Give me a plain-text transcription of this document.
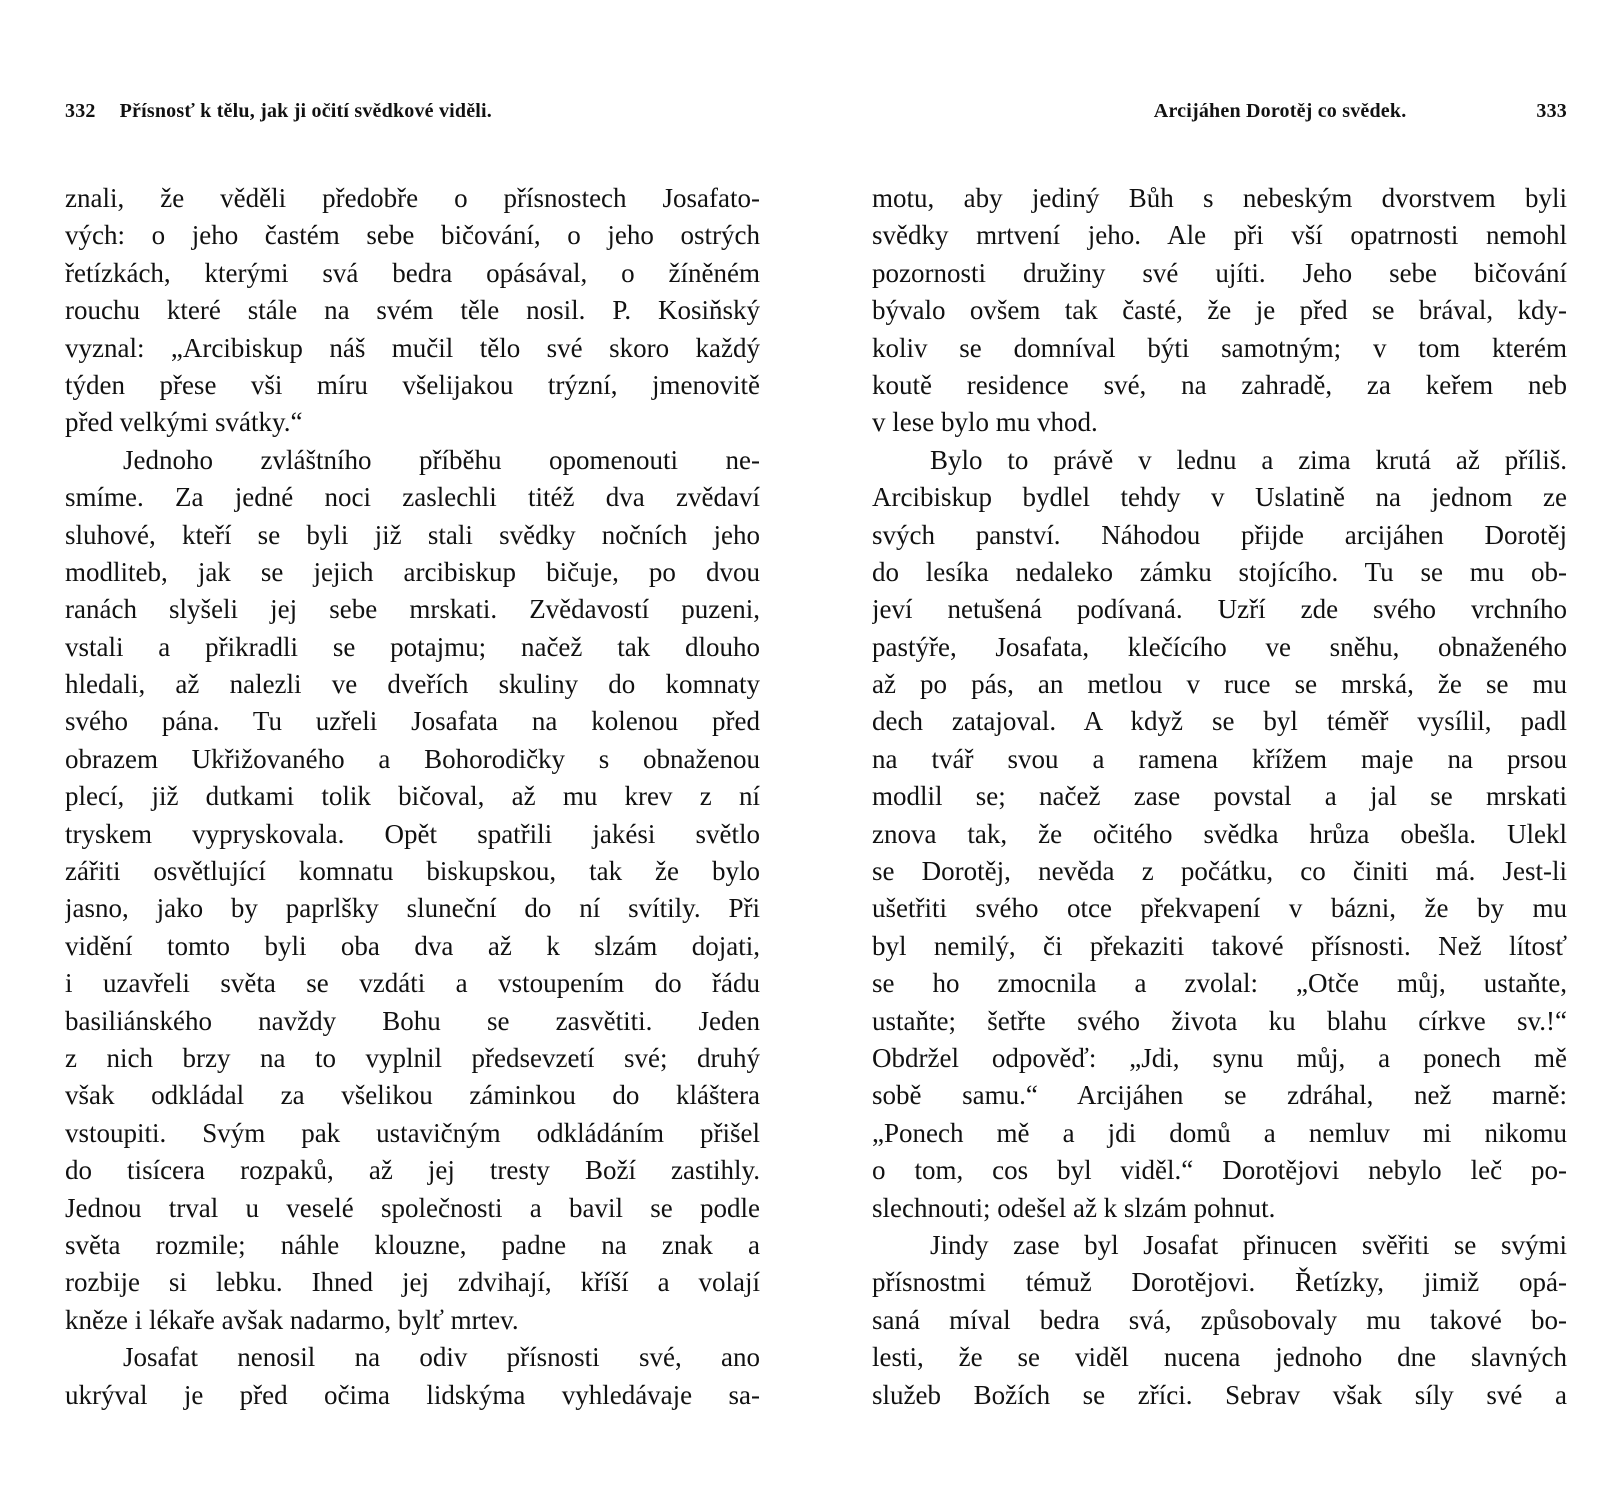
332 Přísnosť k tělu, jak ji očití svědkové viděli.
znali, že věděli předobře o přísnostech Josafato-
vých: o jeho častém sebe bičování, o jeho ostrých
řetízkách, kterými svá bedra opásával, o žíněném
rouchu které stále na svém těle nosil. P. Kosiňský
vyznal: „Arcibiskup náš mučil tělo své skoro každý
týden přese vši míru všelijakou trýzní, jmenovitě
před velkými svátky.“
Jednoho zvláštního příběhu opomenouti ne-
smíme. Za jedné noci zaslechli titéž dva zvědaví
sluhové, kteří se byli již stali svědky nočních jeho
modliteb, jak se jejich arcibiskup bičuje, po dvou
ranách slyšeli jej sebe mrskati. Zvědavostí puzeni,
vstali a přikradli se potajmu; načež tak dlouho
hledali, až nalezli ve dveřích skuliny do komnaty
svého pána. Tu uzřeli Josafata na kolenou před
obrazem Ukřižovaného a Bohorodičky s obnaženou
plecí, již dutkami tolik bičoval, až mu krev z ní
tryskem vypryskovala. Opět spatřili jakési světlo
zářiti osvětlující komnatu biskupskou, tak že bylo
jasno, jako by paprlšky sluneční do ní svítily. Při
vidění tomto byli oba dva až k slzám dojati,
i uzavřeli světa se vzdáti a vstoupením do řádu
basiliánského navždy Bohu se zasvětiti. Jeden
z nich brzy na to vyplnil předsevzetí své; druhý
však odkládal za všelikou záminkou do kláštera
vstoupiti. Svým pak ustavičným odkládáním přišel
do tisícera rozpaků, až jej tresty Boží zastihly.
Jednou trval u veselé společnosti a bavil se podle
světa rozmile; náhle klouzne, padne na znak a
rozbije si lebku. Ihned jej zdvihají, kříší a volají
kněze i lékaře avšak nadarmo, bylť mrtev.
Josafat nenosil na odiv přísnosti své, ano
ukrýval je před očima lidskýma vyhledávaje sa-
Arcijáhen Dorotěj co svědek.	333
motu, aby jediný Bůh s nebeským dvorstvem byli
svědky mrtvení jeho. Ale při vší opatrnosti nemohl
pozornosti družiny své ujíti. Jeho sebe bičování
bývalo ovšem tak časté, že je před se brával, kdy-
koliv se domníval býti samotným; v tom kterém
koutě residence své, na zahradě, za keřem neb
v lese bylo mu vhod.
Bylo to právě v lednu a zima krutá až příliš.
Arcibiskup bydlel tehdy v Uslatině na jednom ze
svých panství. Náhodou přijde arcijáhen Dorotěj
do lesíka nedaleko zámku stojícího. Tu se mu ob-
jeví netušená podívaná. Uzří zde svého vrchního
pastýře, Josafata, klečícího ve sněhu, obnaženého
až po pás, an metlou v ruce se mrská, že se mu
dech zatajoval. A když se byl téměř vysílil, padl
na tvář svou a ramena křížem maje na prsou
modlil se; načež zase povstal a jal se mrskati
znova tak, že očitého svědka hrůza obešla. Ulekl
se Dorotěj, nevěda z počátku, co činiti má. Jest-li
ušetřiti svého otce překvapení v bázni, že by mu
byl nemilý, či překaziti takové přísnosti. Než lítosť
se ho zmocnila a zvolal: „Otče můj, ustaňte,
ustaňte; šetřte svého života ku blahu církve sv.!“
Obdržel odpověď: „Jdi, synu můj, a ponech mě
sobě samu.“ Arcijáhen se zdráhal, než marně:
„Ponech mě a jdi domů a nemluv mi nikomu
o tom, cos byl viděl.“ Dorotějovi nebylo leč po-
slechnouti; odešel až k slzám pohnut.
Jindy zase byl Josafat přinucen svěřiti se svými
přísnostmi témuž Dorotějovi. Řetízky, jimiž opá-
saná míval bedra svá, způsobovaly mu takové bo-
lesti, že se viděl nucena jednoho dne slavných
služeb Božích se zříci. Sebrav však síly své a
